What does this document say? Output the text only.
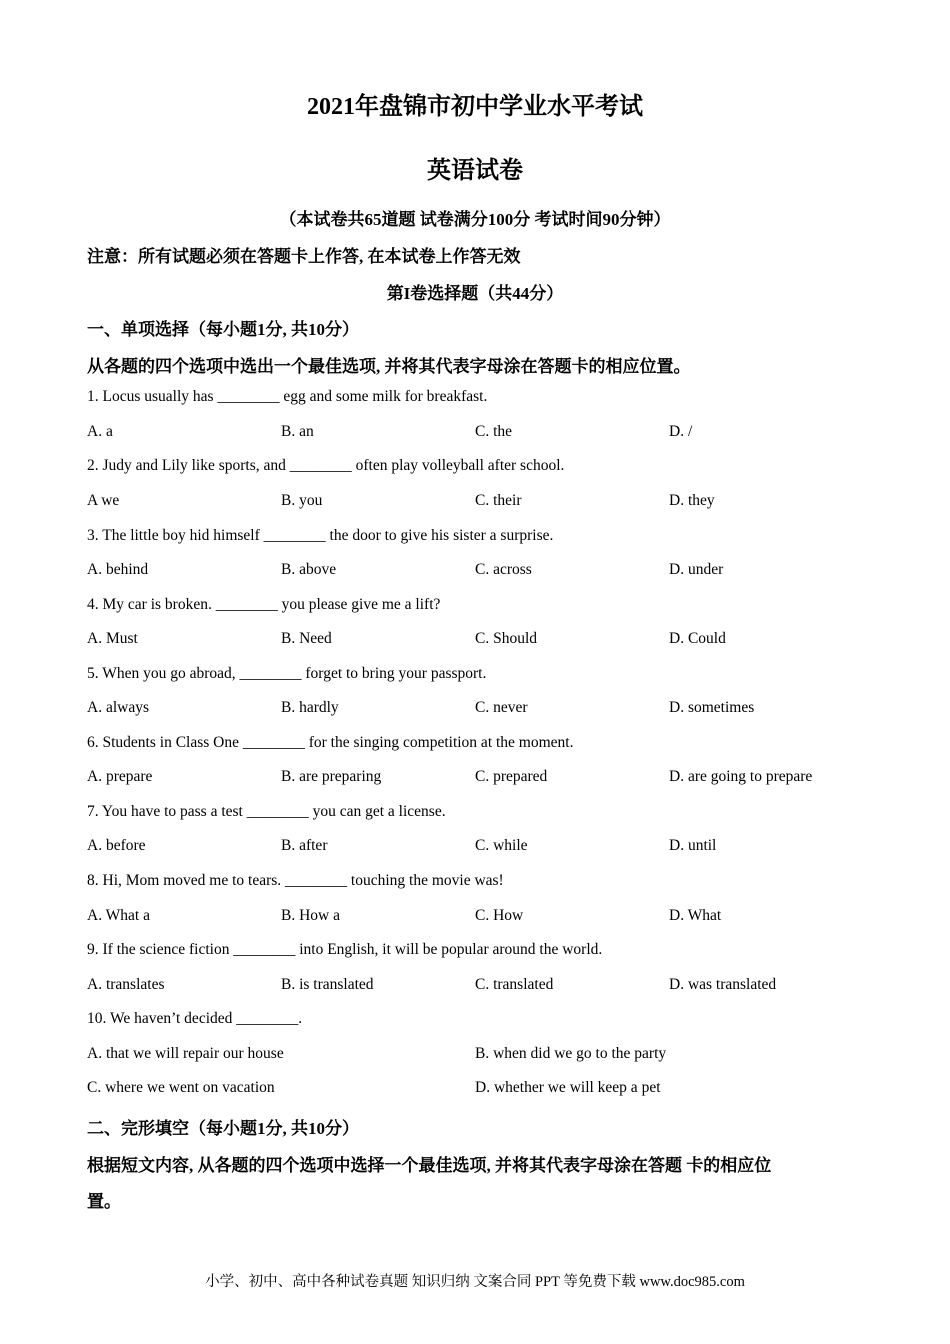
2021年盘锦市初中学业水平考试
英语试卷
（本试卷共65道题 试卷满分100分 考试时间90分钟）
注意：所有试题必须在答题卡上作答, 在本试卷上作答无效
第I卷选择题（共44分）
一、单项选择（每小题1分, 共10分）
从各题的四个选项中选出一个最佳选项, 并将其代表字母涂在答题卡的相应位置。
1. Locus usually has ________ egg and some milk for breakfast.
A. a	B. an	C. the	D. /
2. Judy and Lily like sports, and ________ often play volleyball after school.
A we	B. you	C. their	D. they
3. The little boy hid himself ________ the door to give his sister a surprise.
A. behind	B. above	C. across	D. under
4. My car is broken. ________ you please give me a lift?
A. Must	B. Need	C. Should	D. Could
5. When you go abroad, ________ forget to bring your passport.
A. always	B. hardly	C. never	D. sometimes
6. Students in Class One ________ for the singing competition at the moment.
A. prepare	B. are preparing	C. prepared	D. are going to prepare
7. You have to pass a test ________ you can get a license.
A. before	B. after	C. while	D. until
8. Hi, Mom moved me to tears. ________ touching the movie was!
A. What a	B. How a	C. How	D. What
9. If the science fiction ________ into English, it will be popular around the world.
A. translates	B. is translated	C. translated	D. was translated
10. We haven’t decided ________.
A. that we will repair our house	B. when did we go to the party
C. where we went on vacation	D. whether we will keep a pet
二、完形填空（每小题1分, 共10分）
根据短文内容, 从各题的四个选项中选择一个最佳选项, 并将其代表字母涂在答题 卡的相应位
置。
小学、初中、高中各种试卷真题 知识归纳 文案合同 PPT 等免费下载 www.doc985.com
